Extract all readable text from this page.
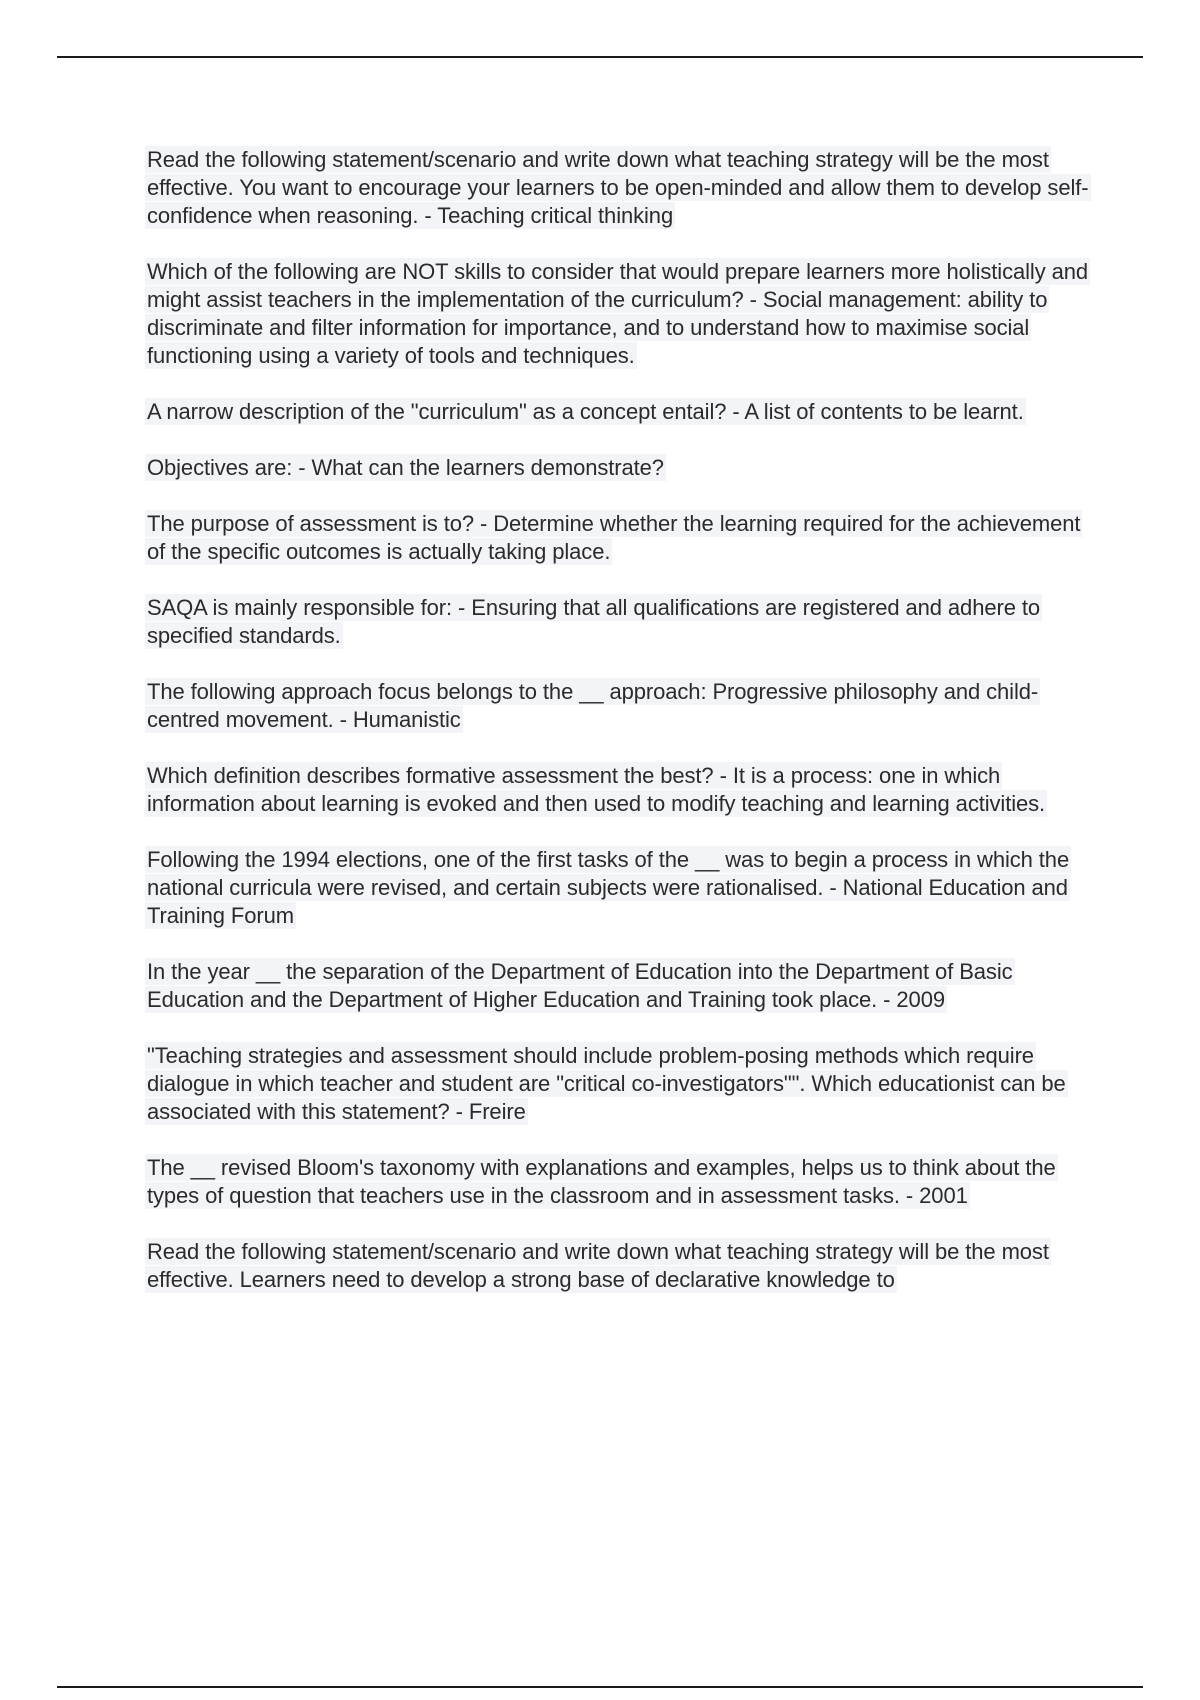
Read the following statement/scenario and write down what teaching strategy will be the most effective. You want to encourage your learners to be open-minded and allow them to develop self-confidence when reasoning. - Teaching critical thinking

Which of the following are NOT skills to consider that would prepare learners more holistically and might assist teachers in the implementation of the curriculum? - Social management: ability to discriminate and filter information for importance, and to understand how to maximise social functioning using a variety of tools and techniques.

A narrow description of the "curriculum" as a concept entail? - A list of contents to be learnt.

Objectives are: - What can the learners demonstrate?

The purpose of assessment is to? - Determine whether the learning required for the achievement of the specific outcomes is actually taking place.

SAQA is mainly responsible for: - Ensuring that all qualifications are registered and adhere to specified standards.

The following approach focus belongs to the __ approach: Progressive philosophy and child-centred movement. - Humanistic

Which definition describes formative assessment the best? - It is a process: one in which information about learning is evoked and then used to modify teaching and learning activities.

Following the 1994 elections, one of the first tasks of the __ was to begin a process in which the national curricula were revised, and certain subjects were rationalised. - National Education and Training Forum

In the year __ the separation of the Department of Education into the Department of Basic Education and the Department of Higher Education and Training took place. - 2009

"Teaching strategies and assessment should include problem-posing methods which require dialogue in which teacher and student are "critical co-investigators"". Which educationist can be associated with this statement? - Freire

The __ revised Bloom's taxonomy with explanations and examples, helps us to think about the types of question that teachers use in the classroom and in assessment tasks. - 2001

Read the following statement/scenario and write down what teaching strategy will be the most effective. Learners need to develop a strong base of declarative knowledge to
